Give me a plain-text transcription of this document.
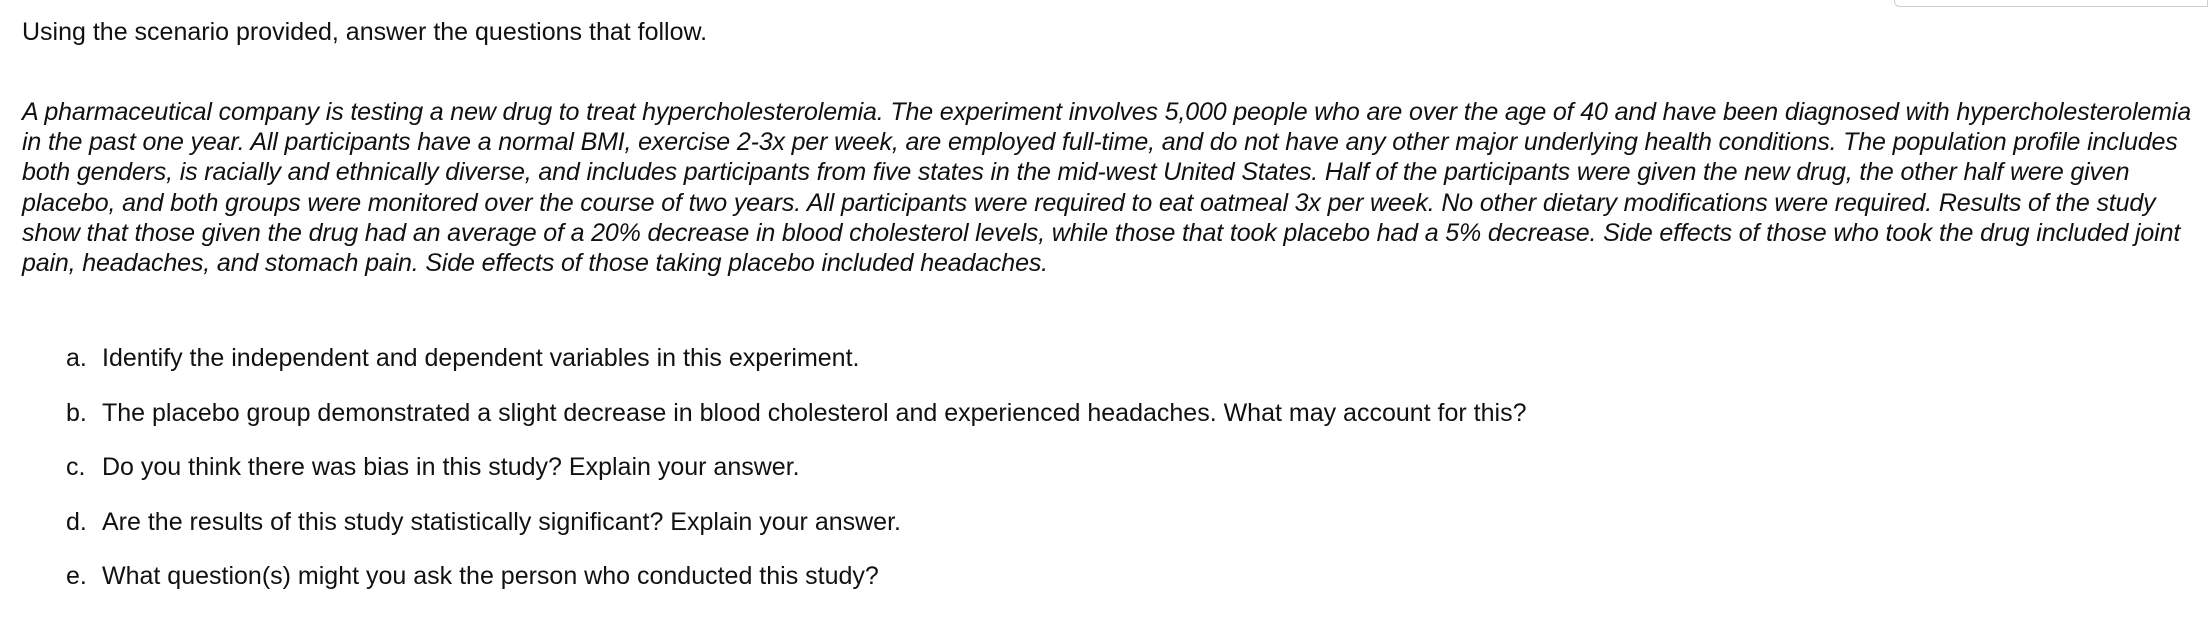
Using the scenario provided, answer the questions that follow.

A pharmaceutical company is testing a new drug to treat hypercholesterolemia. The experiment involves 5,000 people who are over the age of 40 and have been diagnosed with hypercholesterolemia in the past one year. All participants have a normal BMI, exercise 2-3x per week, are employed full-time, and do not have any other major underlying health conditions. The population profile includes both genders, is racially and ethnically diverse, and includes participants from five states in the mid-west United States. Half of the participants were given the new drug, the other half were given placebo, and both groups were monitored over the course of two years. All participants were required to eat oatmeal 3x per week. No other dietary modifications were required. Results of the study show that those given the drug had an average of a 20% decrease in blood cholesterol levels, while those that took placebo had a 5% decrease. Side effects of those who took the drug included joint pain, headaches, and stomach pain. Side effects of those taking placebo included headaches.

a. Identify the independent and dependent variables in this experiment.
b. The placebo group demonstrated a slight decrease in blood cholesterol and experienced headaches. What may account for this?
c. Do you think there was bias in this study? Explain your answer.
d. Are the results of this study statistically significant? Explain your answer.
e. What question(s) might you ask the person who conducted this study?
